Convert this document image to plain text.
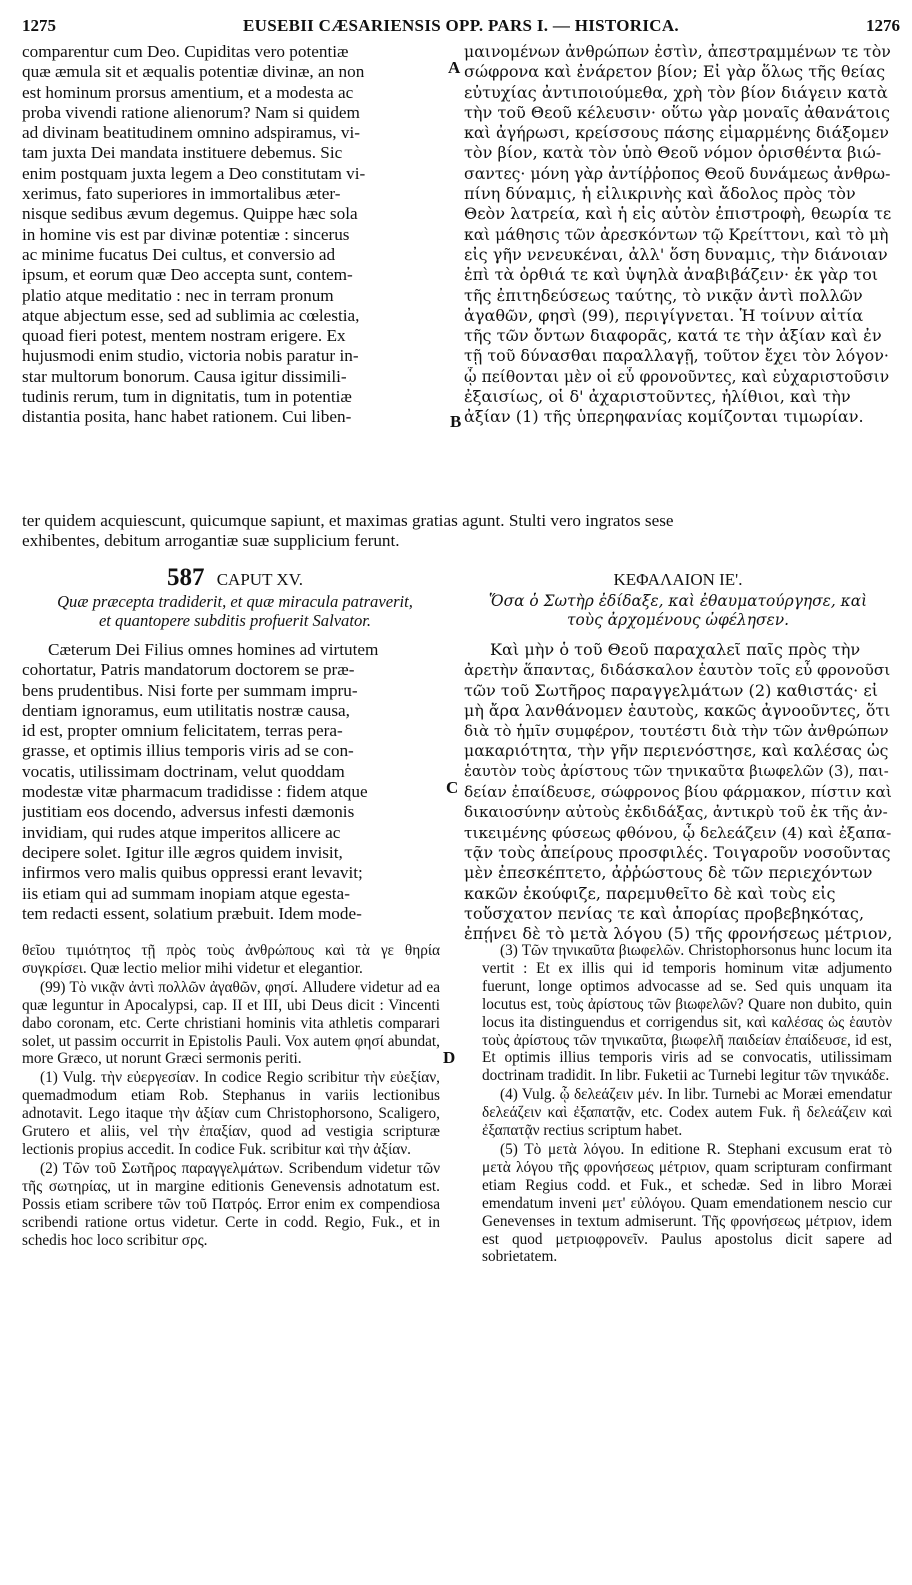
1275	EUSEBII CÆSARIENSIS OPP. PARS I. — HISTORICA.	1276
comparentur cum Deo. Cupiditas vero potentiæ
quæ æmula sit et æqualis potentiæ divinæ, an non
est hominum prorsus amentium, et a modesta ac
proba vivendi ratione alienorum? Nam si quidem
ad divinam beatitudinem omnino adspiramus, vi-
tam juxta Dei mandata instituere debemus. Sic
enim postquam juxta legem a Deo constitutam vi-
xerimus, fato superiores in immortalibus æter-
nisque sedibus ævum degemus. Quippe hæc sola
in homine vis est par divinæ potentiæ : sincerus
ac minime fucatus Dei cultus, et conversio ad
ipsum, et eorum quæ Deo accepta sunt, contem-
platio atque meditatio : nec in terram pronum
atque abjectum esse, sed ad sublimia ac cœlestia,
quoad fieri potest, mentem nostram erigere. Ex
hujusmodi enim studio, victoria nobis paratur in-
star multorum bonorum. Causa igitur dissimili-
tudinis rerum, tum in dignitatis, tum in potentiæ
distantia posita, hanc habet rationem. Cui liben-
μαινομένων ἀνθρώπων ἐστὶν, ἀπεστραμμένων τε τὸν
σώφρονα καὶ ἐνάρετον βίον; Εἰ γὰρ ὅλως τῆς θείας
εὐτυχίας ἀντιποιούμεθα, χρὴ τὸν βίον διάγειν κατὰ
τὴν τοῦ Θεοῦ κέλευσιν· οὕτω γὰρ μοναῖς ἀθανάτοις
καὶ ἀγήρωσι, κρείσσους πάσης εἱμαρμένης διάξομεν
τὸν βίον, κατὰ τὸν ὑπὸ Θεοῦ νόμον ὁρισθέντα βιώ-
σαντες· μόνη γὰρ ἀντίῤῥοπος Θεοῦ δυνάμεως ἀνθρω-
πίνη δύναμις, ἡ εἰλικρινὴς καὶ ἄδολος πρὸς τὸν
Θεὸν λατρεία, καὶ ἡ εἰς αὐτὸν ἐπιστροφὴ, θεωρία τε
καὶ μάθησις τῶν ἀρεσκόντων τῷ Κρείττονι, καὶ τὸ μὴ
εἰς γῆν νενευκέναι, ἀλλ' ὅση δυναμις, τὴν διάνοιαν
ἐπὶ τὰ ὀρθιά τε καὶ ὑψηλὰ ἀναβιβάζειν· ἐκ γὰρ τοι
τῆς ἐπιτηδεύσεως ταύτης, τὸ νικᾷν ἀντὶ πολλῶν
ἀγαθῶν, φησὶ (99), περιγίγνεται. Ἡ τοίνυν αἰτία
τῆς τῶν ὄντων διαφορᾶς, κατά τε τὴν ἀξίαν καὶ ἐν
τῇ τοῦ δύνασθαι παραλλαγῇ, τοῦτον ἔχει τὸν λόγον·
ᾧ πείθονται μὲν οἱ εὖ φρονοῦντες, καὶ εὐχαριστοῦσιν
ἐξαισίως, οἱ δ' ἀχαριστοῦντες, ἠλίθιοι, καὶ τὴν
ἀξίαν (1) τῆς ὑπερηφανίας κομίζονται τιμωρίαν.
A
B
ter quidem acquiescunt, quicumque sapiunt, et maximas gratias agunt. Stulti vero ingratos sese
exhibentes, debitum arrogantiæ suæ supplicium ferunt.
587 CAPUT XV.
Quæ præcepta tradiderit, et quæ miracula patraverit,
et quantopere subditis profuerit Salvator.
ΚΕΦΑΛΑΙΟΝ ΙΕ'.
Ὅσα ὁ Σωτὴρ ἐδίδαξε, καὶ ἐθαυματούργησε, καὶ
τοὺς ἀρχομένους ὠφέλησεν.
Cæterum Dei Filius omnes homines ad virtutem
cohortatur, Patris mandatorum doctorem se præ-
bens prudentibus. Nisi forte per summam impru-
dentiam ignoramus, eum utilitatis nostræ causa,
id est, propter omnium felicitatem, terras pera-
grasse, et optimis illius temporis viris ad se con-
vocatis, utilissimam doctrinam, velut quoddam
modestæ vitæ pharmacum tradidisse : fidem atque
justitiam eos docendo, adversus infesti dæmonis
invidiam, qui rudes atque imperitos allicere ac
decipere solet. Igitur ille ægros quidem invisit,
infirmos vero malis quibus oppressi erant levavit;
iis etiam qui ad summam inopiam atque egesta-
tem redacti essent, solatium præbuit. Idem mode-
Καὶ μὴν ὁ τοῦ Θεοῦ παραχαλεῖ παῖς πρὸς τὴν
ἀρετὴν ἅπαντας, διδάσκαλον ἑαυτὸν τοῖς εὖ φρονοῦσι
τῶν τοῦ Σωτῆρος παραγγελμάτων (2) καθιστάς· εἰ
μὴ ἄρα λανθάνομεν ἑαυτοὺς, κακῶς ἀγνοοῦντες, ὅτι
διὰ τὸ ἡμῖν συμφέρον, τουτέστι διὰ τὴν τῶν ἀνθρώπων
μακαριότητα, τὴν γῆν περιενόστησε, καὶ καλέσας ὡς
ἑαυτὸν τοὺς ἀρίστους τῶν τηνικαῦτα βιωφελῶν (3), παι-
δείαν ἐπαίδευσε, σώφρονος βίου φάρμακον, πίστιν καὶ
δικαιοσύνην αὐτοὺς ἐκδιδάξας, ἀντικρὺ τοῦ ἐκ τῆς ἀν-
τικειμένης φύσεως φθόνου, ᾧ δελεάζειν (4) καὶ ἐξαπα-
τᾷν τοὺς ἀπείρους προσφιλές. Τοιγαροῦν νοσοῦντας
μὲν ἐπεσκέπτετο, ἀῤῥώστους δὲ τῶν περιεχόντων
κακῶν ἐκούφιζε, παρεμυθεῖτο δὲ καὶ τοὺς εἰς
τοὔσχατον πενίας τε καὶ ἀπορίας προβεβηκότας,
ἐπῄνει δὲ τὸ μετὰ λόγου (5) τῆς φρονήσεως μέτριον,
C

θεῖου τιμιότητος τῇ πρὸς τοὺς ἀνθρώπους καὶ τὰ γε θηρία συγκρίσει. Quæ lectio melior mihi videtur et elegantior.

(99) Τὸ νικᾷν ἀντὶ πολλῶν ἀγαθῶν, φησί. Alludere videtur ad ea quæ leguntur in Apocalypsi, cap. II et III, ubi Deus dicit : Vincenti dabo coronam, etc. Certe christiani hominis vita athletis comparari solet, ut passim occurrit in Epistolis Pauli. Vox autem φησί abundat, more Græco, ut norunt Græci sermonis periti.

(1) Vulg. τὴν εὐεργεσίαν. In codice Regio scribitur τὴν εὐεξίαν, quemadmodum etiam Rob. Stephanus in variis lectionibus adnotavit. Lego itaque τὴν ἀξίαν cum Christophorsono, Scaligero, Grutero et aliis, vel τὴν ἐπαξίαν, quod ad vestigia scripturæ lectionis propius accedit. In codice Fuk. scribitur καὶ τὴν ἀξίαν.

(2) Τῶν τοῦ Σωτῆρος παραγγελμάτων. Scribendum videtur τῶν τῆς σωτηρίας, ut in margine editionis Genevensis adnotatum est. Possis etiam scribere τῶν τοῦ Πατρός. Error enim ex compendiosa scribendi ratione ortus videtur. Certe in codd. Regio, Fuk., et in schedis hoc loco scribitur σρς.

(3) Τῶν τηνικαῦτα βιωφελῶν. Christophorsonus hunc locum ita vertit : Et ex illis qui id temporis hominum vitæ adjumento fuerunt, longe optimos advocasse ad se. Sed quis unquam ita locutus est, τοὺς ἀρίστους τῶν βιωφελῶν? Quare non dubito, quin locus ita distinguendus et corrigendus sit, καὶ καλέσας ὡς ἑαυτὸν τοὺς ἀρίστους τῶν τηνικαῦτα, βιωφελῆ παιδείαν ἐπαίδευσε, id est, Et optimis illius temporis viris ad se convocatis, utilissimam doctrinam tradidit. In libr. Fuketii ac Turnebi legitur τῶν τηνικάδε.

(4) Vulg. ᾧ δελεάζειν μέν. In libr. Turnebi ac Moræi emendatur δελεάζειν καὶ ἐξαπατᾷν, etc. Codex autem Fuk. ἢ δελεάζειν καὶ ἐξαπατᾷν rectius scriptum habet.

(5) Τὸ μετὰ λόγου. In editione R. Stephani excusum erat τὸ μετὰ λόγου τῆς φρονήσεως μέτριον, quam scripturam confirmant etiam Regius codd. et Fuk., et schedæ. Sed in libro Moræi emendatum inveni μετ' εὐλόγου. Quam emendationem nescio cur Genevenses in textum admiserunt. Τῆς φρονήσεως μέτριον, idem est quod μετριοφρονεῖν. Paulus apostolus dicit sapere ad sobrietatem.

D
